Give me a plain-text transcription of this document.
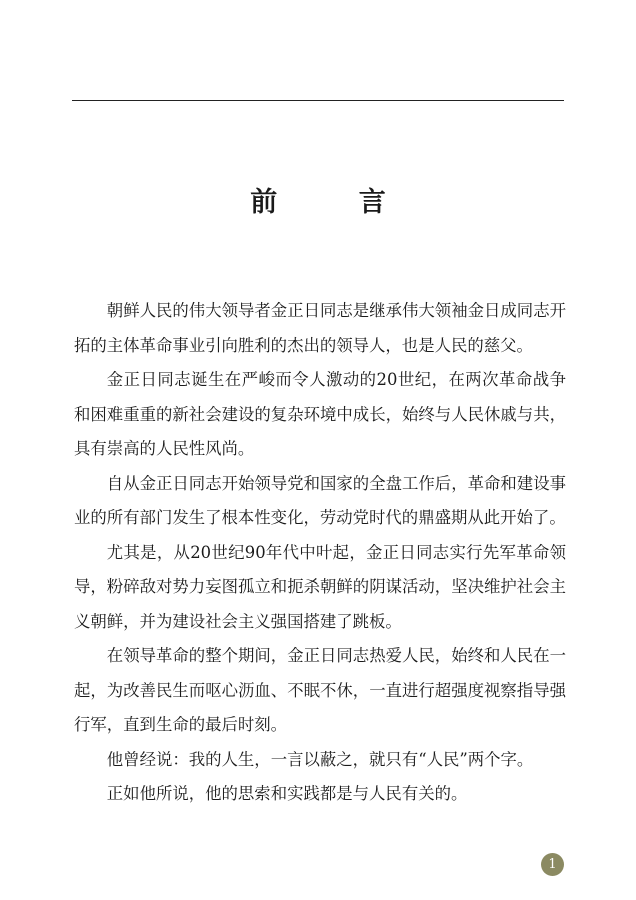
前 言

朝鲜人民的伟大领导者金正日同志是继承伟大领袖金日成同志开拓的主体革命事业引向胜利的杰出的领导人，也是人民的慈父。

金正日同志诞生在严峻而令人激动的20世纪，在两次革命战争和困难重重的新社会建设的复杂环境中成长，始终与人民休戚与共，具有崇高的人民性风尚。

自从金正日同志开始领导党和国家的全盘工作后，革命和建设事业的所有部门发生了根本性变化，劳动党时代的鼎盛期从此开始了。

尤其是，从20世纪90年代中叶起，金正日同志实行先军革命领导，粉碎敌对势力妄图孤立和扼杀朝鲜的阴谋活动，坚决维护社会主义朝鲜，并为建设社会主义强国搭建了跳板。

在领导革命的整个期间，金正日同志热爱人民，始终和人民在一起，为改善民生而呕心沥血、不眠不休，一直进行超强度视察指导强行军，直到生命的最后时刻。

他曾经说：我的人生，一言以蔽之，就只有“人民”两个字。

正如他所说，他的思索和实践都是与人民有关的。

1
